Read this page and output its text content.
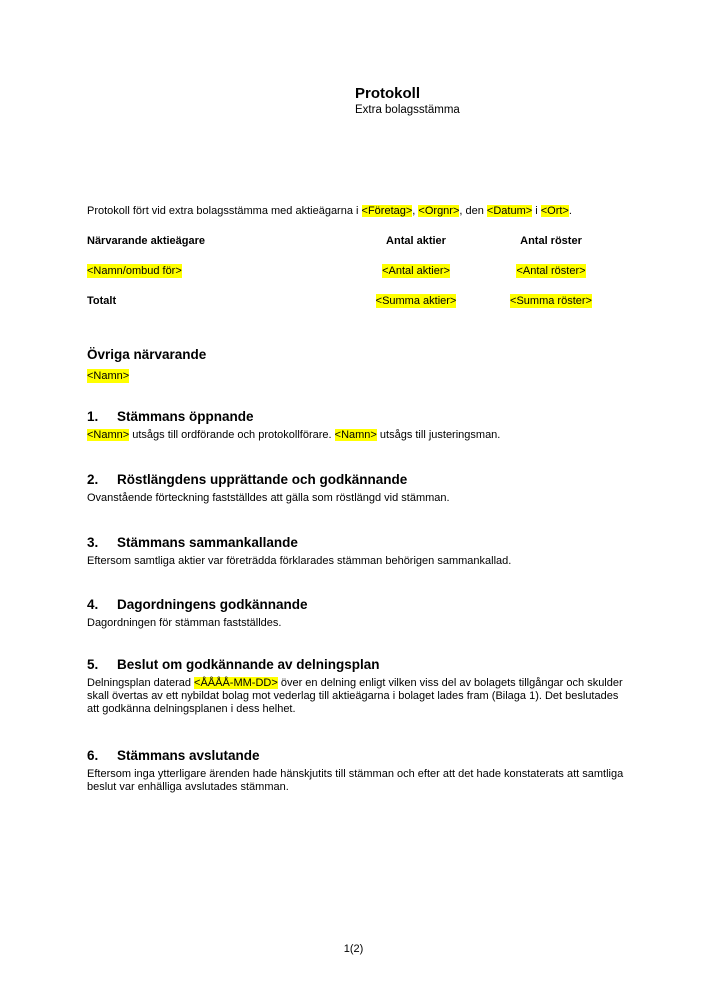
Protokoll
Extra bolagsstämma

Protokoll fört vid extra bolagsstämma med aktieägarna i <Företag>, <Orgnr>, den <Datum> i <Ort>.

Närvarande aktieägare	Antal aktier	Antal röster
<Namn/ombud för>	<Antal aktier>	<Antal röster>
Totalt	<Summa aktier>	<Summa röster>
Övriga närvarande
<Namn>
1. Stämmans öppnande

<Namn> utsågs till ordförande och protokollförare. <Namn> utsågs till justeringsman.

2. Röstlängdens upprättande och godkännande

Ovanstående förteckning fastställdes att gälla som röstlängd vid stämman.

3. Stämmans sammankallande

Eftersom samtliga aktier var företrädda förklarades stämman behörigen sammankallad.

4. Dagordningens godkännande

Dagordningen för stämman fastställdes.

5. Beslut om godkännande av delningsplan

Delningsplan daterad <ÅÅÅÅ-MM-DD> över en delning enligt vilken viss del av bolagets tillgångar och skulder skall övertas av ett nybildat bolag mot vederlag till aktieägarna i bolaget lades fram (Bilaga 1). Det beslutades att godkänna delningsplanen i dess helhet.

6. Stämmans avslutande

Eftersom inga ytterligare ärenden hade hänskjutits till stämman och efter att det hade konstaterats att samtliga beslut var enhälliga avslutades stämman.

1(2)
